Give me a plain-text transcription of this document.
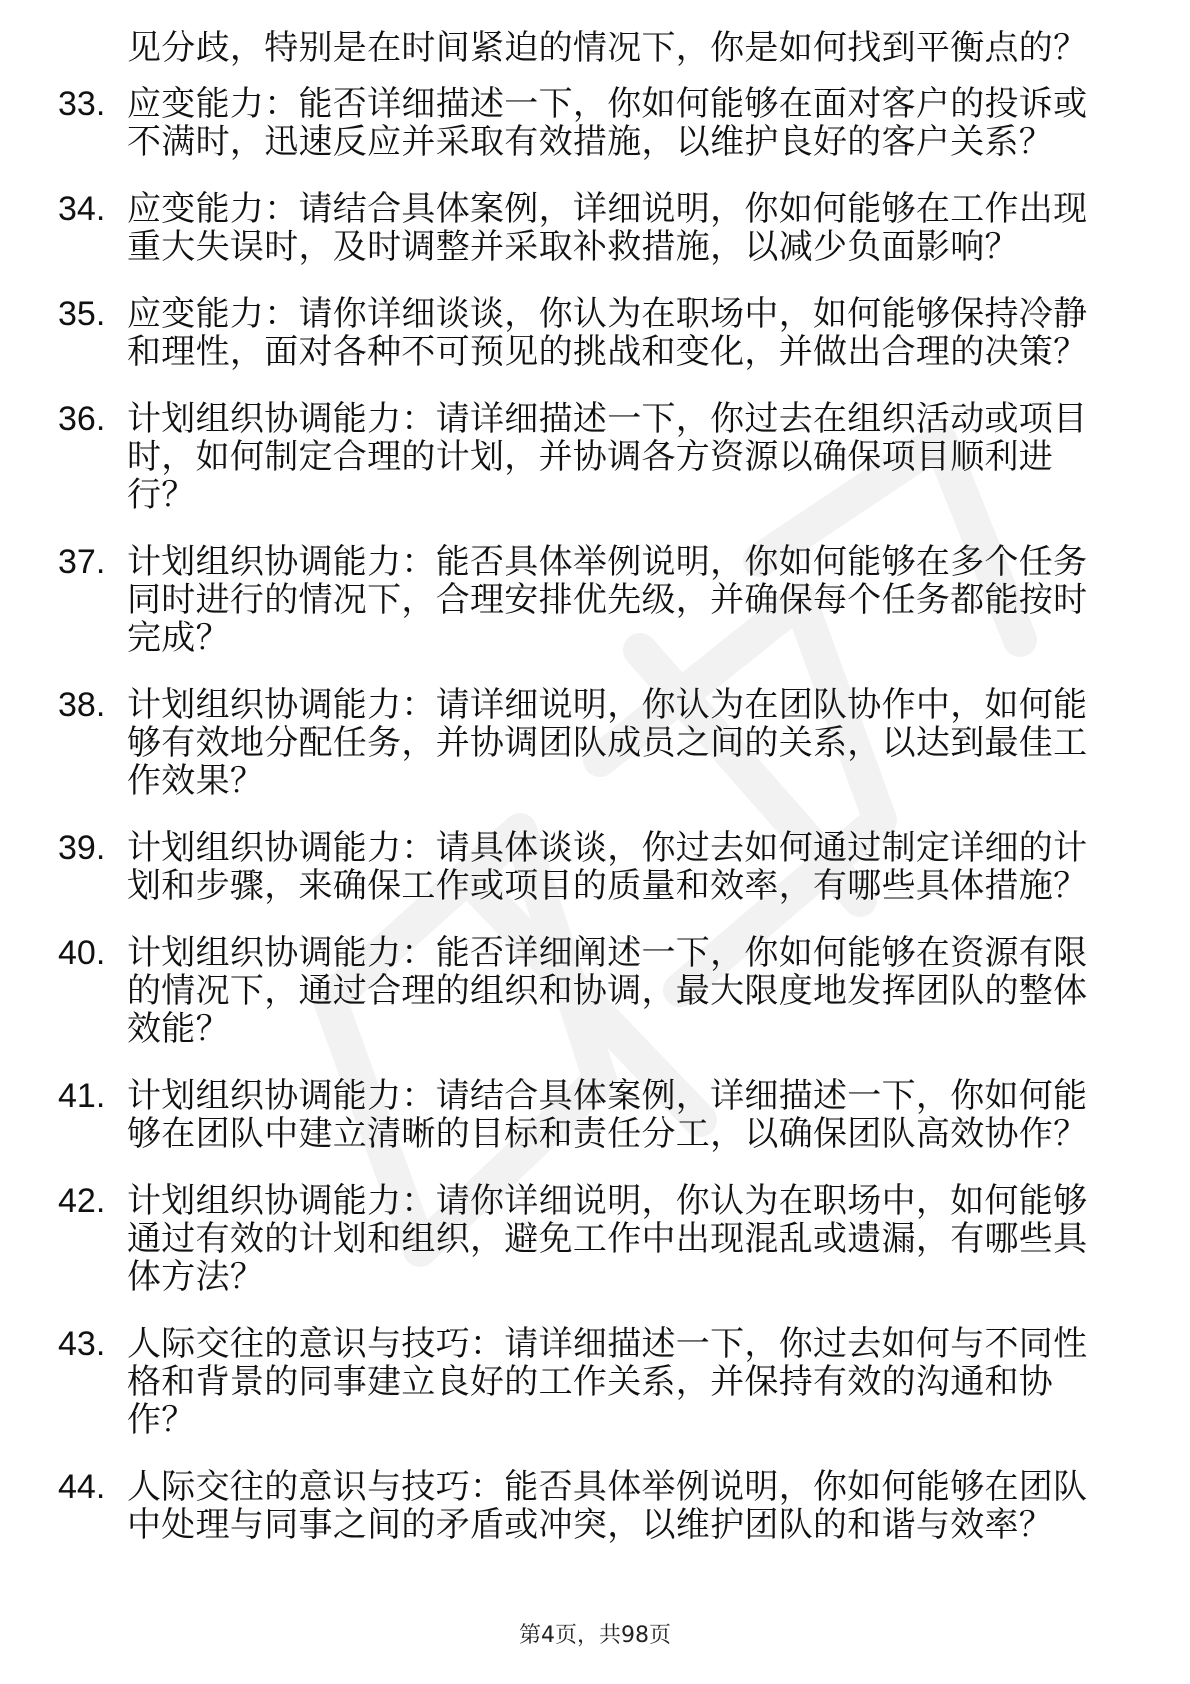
见分歧，特别是在时间紧迫的情况下，你是如何找到平衡点的？
33. 应变能力：能否详细描述一下，你如何能够在面对客户的投诉或
不满时，迅速反应并采取有效措施，以维护良好的客户关系？
34. 应变能力：请结合具体案例，详细说明，你如何能够在工作出现
重大失误时，及时调整并采取补救措施，以减少负面影响？
35. 应变能力：请你详细谈谈，你认为在职场中，如何能够保持冷静
和理性，面对各种不可预见的挑战和变化，并做出合理的决策？
36. 计划组织协调能力：请详细描述一下，你过去在组织活动或项目
时，如何制定合理的计划，并协调各方资源以确保项目顺利进
行？
37. 计划组织协调能力：能否具体举例说明，你如何能够在多个任务
同时进行的情况下，合理安排优先级，并确保每个任务都能按时
完成？
38. 计划组织协调能力：请详细说明，你认为在团队协作中，如何能
够有效地分配任务，并协调团队成员之间的关系，以达到最佳工
作效果？
39. 计划组织协调能力：请具体谈谈，你过去如何通过制定详细的计
划和步骤，来确保工作或项目的质量和效率，有哪些具体措施？
40. 计划组织协调能力：能否详细阐述一下，你如何能够在资源有限
的情况下，通过合理的组织和协调，最大限度地发挥团队的整体
效能？
41. 计划组织协调能力：请结合具体案例，详细描述一下，你如何能
够在团队中建立清晰的目标和责任分工，以确保团队高效协作？
42. 计划组织协调能力：请你详细说明，你认为在职场中，如何能够
通过有效的计划和组织，避免工作中出现混乱或遗漏，有哪些具
体方法？
43. 人际交往的意识与技巧：请详细描述一下，你过去如何与不同性
格和背景的同事建立良好的工作关系，并保持有效的沟通和协
作？
44. 人际交往的意识与技巧：能否具体举例说明，你如何能够在团队
中处理与同事之间的矛盾或冲突，以维护团队的和谐与效率？
第4页，共98页
